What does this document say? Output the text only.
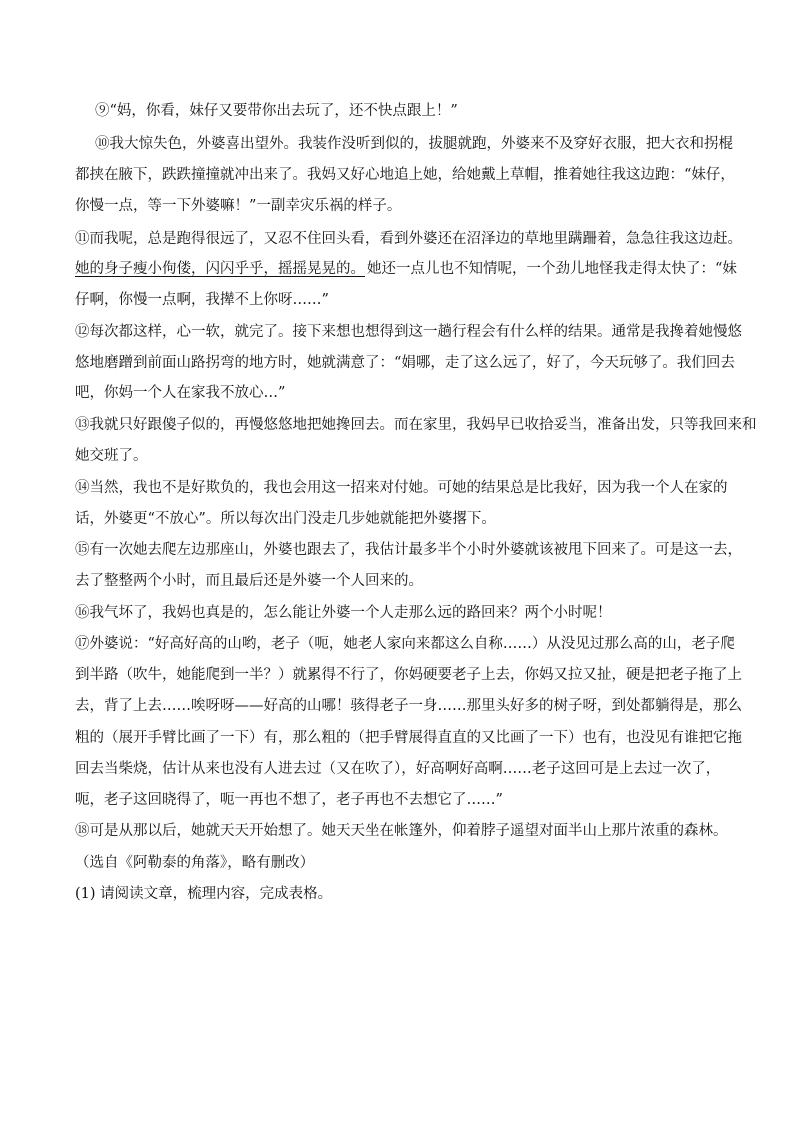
⑨“妈，你看，妹仔又要带你出去玩了，还不快点跟上！”
⑩我大惊失色，外婆喜出望外。我装作没听到似的，拔腿就跑，外婆来不及穿好衣服，把大衣和拐棍
都挟在腋下，跌跌撞撞就冲出来了。我妈又好心地追上她，给她戴上草帽，推着她往我这边跑：“妹仔，
你慢一点，等一下外婆嘛！”一副幸灾乐祸的样子。
⑪而我呢，总是跑得很远了，又忍不住回头看，看到外婆还在沼泽边的草地里蹒跚着，急急往我这边赶。
她的身子瘦小佝偻，闪闪乎乎，摇摇晃晃的。 她还一点儿也不知情呢，一个劲儿地怪我走得太快了：“妹
仔啊，你慢一点啊，我撵不上你呀……”
⑫每次都这样，心一软，就完了。接下来想也想得到这一趟行程会有什么样的结果。通常是我搀着她慢悠
悠地磨蹭到前面山路拐弯的地方时，她就满意了：“娟哪，走了这么远了，好了，今天玩够了。我们回去
吧，你妈一个人在家我不放心…”
⑬我就只好跟傻子似的，再慢悠悠地把她搀回去。而在家里，我妈早已收拾妥当，准备出发，只等我回来和
她交班了。
⑭当然，我也不是好欺负的，我也会用这一招来对付她。可她的结果总是比我好，因为我一个人在家的
话，外婆更“不放心”。所以每次出门没走几步她就能把外婆撂下。
⑮有一次她去爬左边那座山，外婆也跟去了，我估计最多半个小时外婆就该被甩下回来了。可是这一去，
去了整整两个小时，而且最后还是外婆一个人回来的。
⑯我气坏了，我妈也真是的，怎么能让外婆一个人走那么远的路回来？两个小时呢！
⑰外婆说：“好高好高的山哟，老子（呃，她老人家向来都这么自称……）从没见过那么高的山，老子爬
到半路（吹牛，她能爬到一半？）就累得不行了，你妈硬要老子上去，你妈又拉又扯，硬是把老子拖了上
去，背了上去……唉呀呀——好高的山哪！骇得老子一身……那里头好多的树子呀，到处都躺得是，那么
粗的（展开手臂比画了一下）有，那么粗的（把手臂展得直直的又比画了一下）也有，也没见有谁把它拖
回去当柴烧，估计从来也没有人进去过（又在吹了），好高啊好高啊……老子这回可是上去过一次了，
呃，老子这回晓得了，呃一再也不想了，老子再也不去想它了……”
⑱可是从那以后，她就天天开始想了。她天天坐在帐篷外，仰着脖子遥望对面半山上那片浓重的森林。
（选自《阿勒泰的角落》，略有删改）
(1) 请阅读文章，梳理内容，完成表格。
